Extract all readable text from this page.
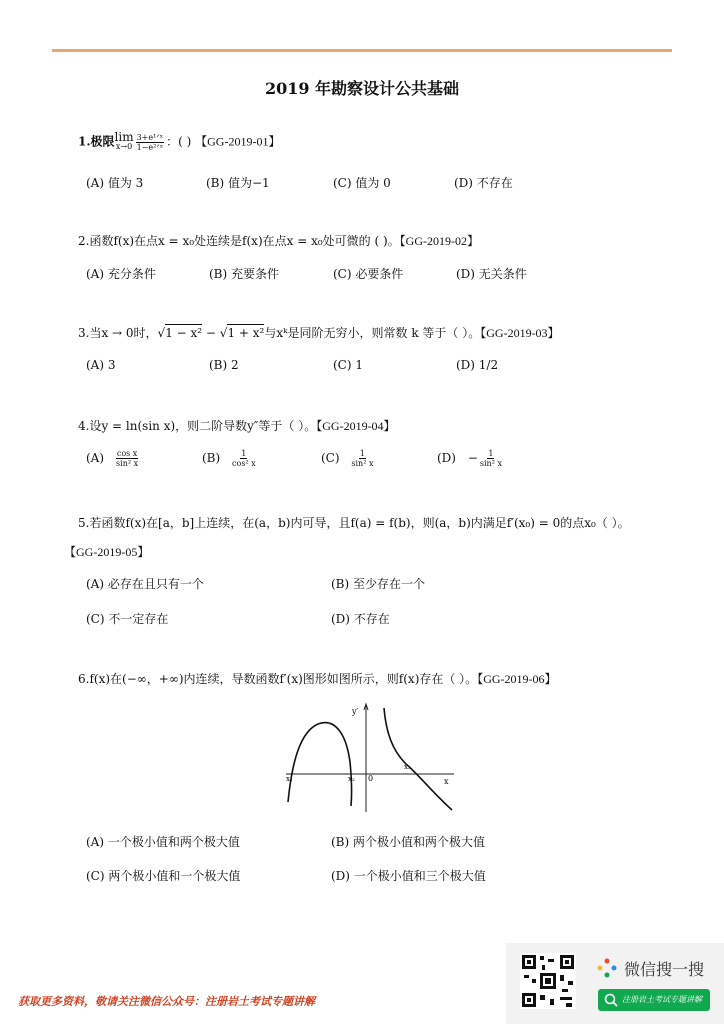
2019 年勘察设计公共基础
1.极限 lim
$x\to 0 \frac{\text{3+e¹ᐟˣ}}{\text{1−e²ᐟˣ}}$ ：( ) 【GG-2019-01】
(A) 值为 3	(B) 值为−1	(C) 值为 0	(D) 不存在
2.函数f(x)在点x = x₀处连续是f(x)在点x = x₀处可微的 ( )。【GG-2019-02】
(A) 充分条件	(B) 充要条件	(C) 必要条件	(D) 无关条件
3.当x → 0时，√1 − x² − √1 + x²与xᵏ是同阶无穷小，则常数 k 等于（ ）。【GG-2019-03】
(A) 3	(B) 2	(C) 1	(D) 1/2
4.设y = ln(sin x)，则二阶导数y″等于（ ）。【GG-2019-04】
$(A) \frac{\text{cos x}}{\text{sin² x}}$	$(B) \frac{1}{\text{cos² x}}$	$(C) \frac{1}{\text{sin² x}}$	$(D) - \frac{1}{\text{sin² x}}$
5.若函数f(x)在[a，b]上连续，在(a，b)内可导，且f(a) = f(b)，则(a，b)内满足f′(x₀) = 0的点x₀（ ）。
【GG-2019-05】
(A) 必存在且只有一个	(B) 至少存在一个
(C) 不一定存在	(D) 不存在
6.f(x)在(−∞，+∞)内连续，导数函数f′(x)图形如图所示，则f(x)存在（ ）。【GG-2019-06】
y′
x
0
x₁	x₂
x₃
(A) 一个极小值和两个极大值	(B) 两个极小值和两个极大值
(C) 两个极小值和一个极大值	(D) 一个极小值和三个极大值
获取更多资料，敬请关注微信公众号：注册岩土考试专题讲解
微信搜一搜
注册岩土考试专题讲解
